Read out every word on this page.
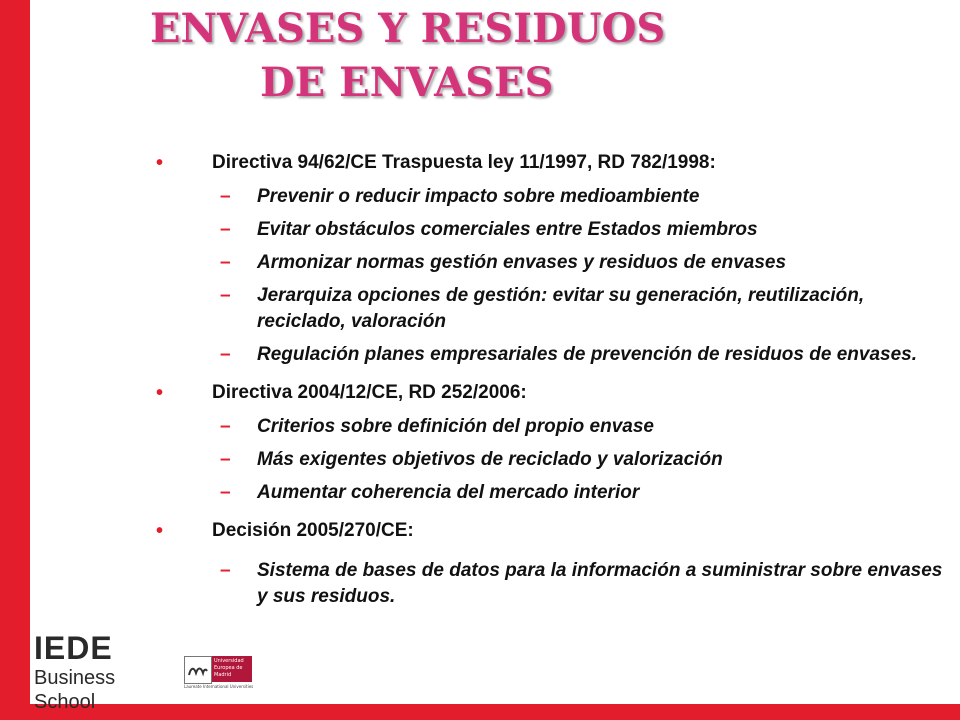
ENVASES Y RESIDUOS
DE ENVASES
•	Directiva 94/62/CE Traspuesta ley 11/1997, RD 782/1998:
– Prevenir o reducir impacto sobre medioambiente
– Evitar obstáculos comerciales entre Estados miembros
– Armonizar normas gestión envases y residuos de envases
– Jerarquiza opciones de gestión: evitar su generación, reutilización, reciclado, valoración
– Regulación planes empresariales de prevención de residuos de envases.
•	Directiva 2004/12/CE, RD 252/2006:
– Criterios sobre definición del propio envase
– Más exigentes objetivos de reciclado y valorización
– Aumentar coherencia del mercado interior
•	Decisión 2005/270/CE:
– Sistema de bases de datos para la información a suministrar sobre envases y sus residuos.
IEDE
Business School
Universidad Europea de Madrid
Laureate International Universities
